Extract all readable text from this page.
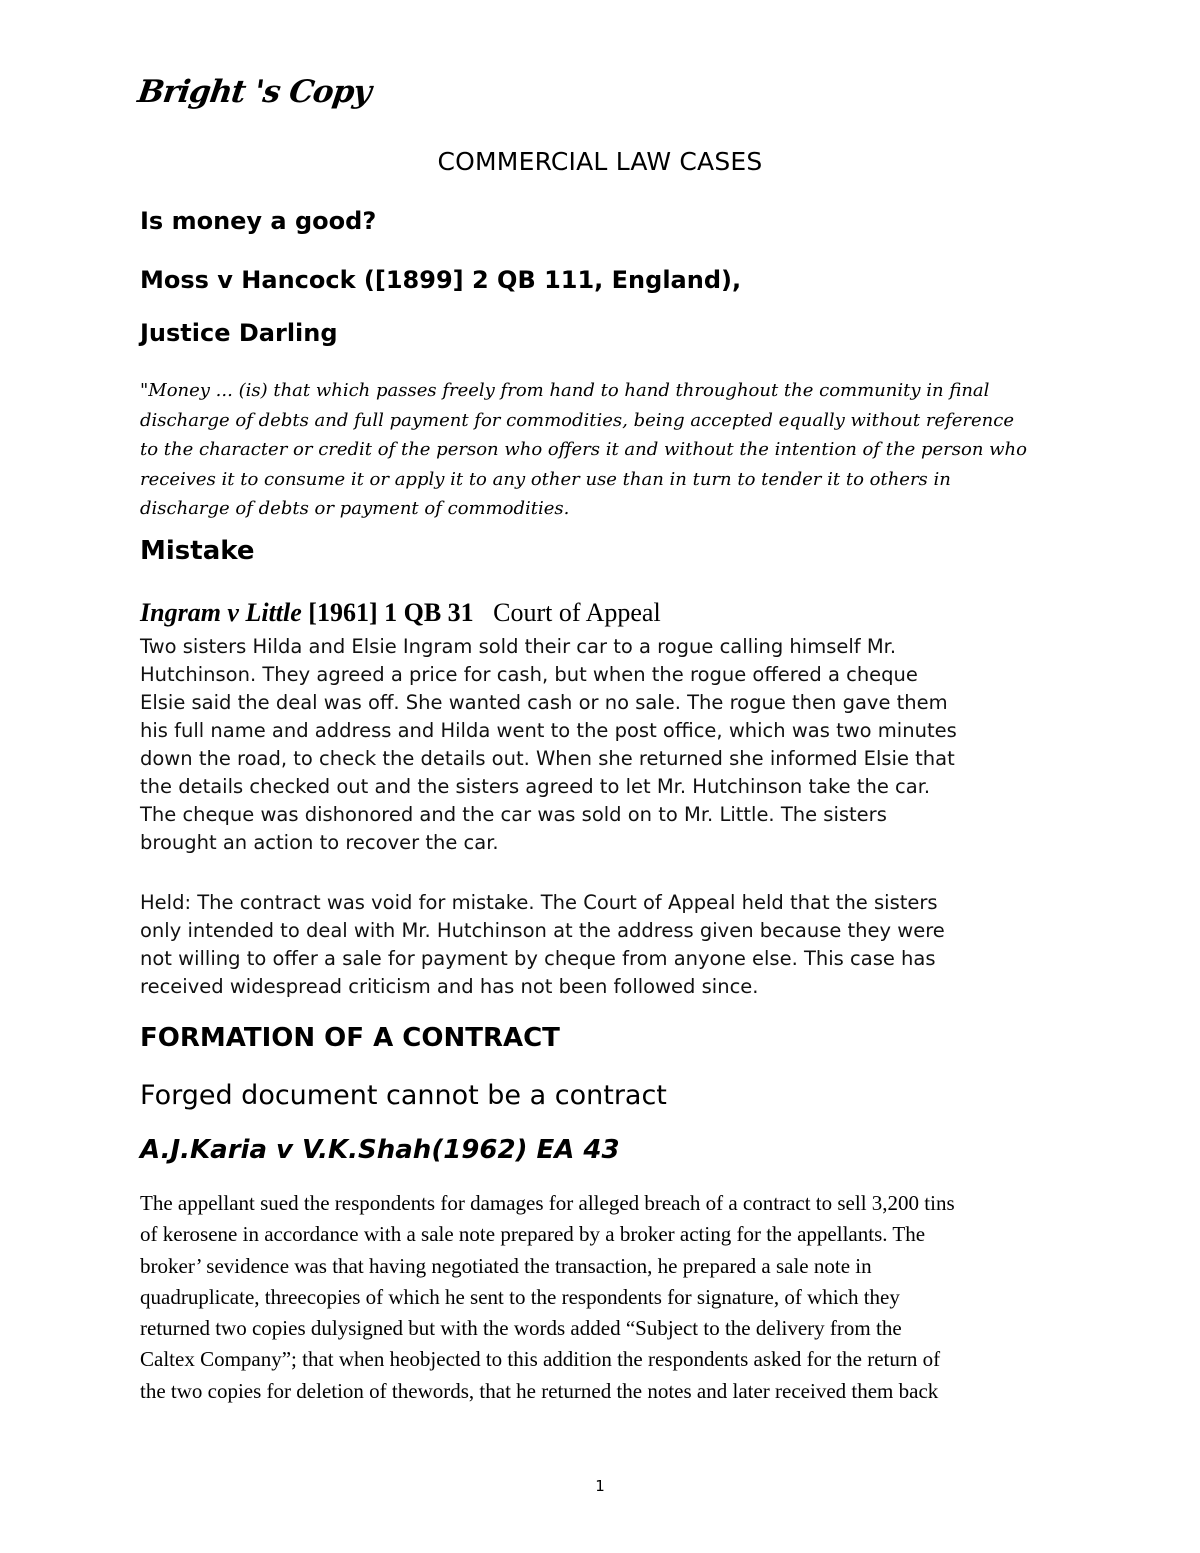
Bright 's Copy
COMMERCIAL LAW CASES
Is money a good?
Moss v Hancock ([1899] 2 QB 111, England),
Justice Darling
"Money ... (is) that which passes freely from hand to hand throughout the community in final
discharge of debts and full payment for commodities, being accepted equally without reference
to the character or credit of the person who offers it and without the intention of the person who
receives it to consume it or apply it to any other use than in turn to tender it to others in
discharge of debts or payment of commodities.
Mistake
Ingram v Little [1961] 1 QB 31   Court of Appeal
Two sisters Hilda and Elsie Ingram sold their car to a rogue calling himself Mr.
Hutchinson. They agreed a price for cash, but when the rogue offered a cheque
Elsie said the deal was off. She wanted cash or no sale. The rogue then gave them
his full name and address and Hilda went to the post office, which was two minutes
down the road, to check the details out. When she returned she informed Elsie that
the details checked out and the sisters agreed to let Mr. Hutchinson take the car.
The cheque was dishonored and the car was sold on to Mr. Little. The sisters
brought an action to recover the car.
Held: The contract was void for mistake. The Court of Appeal held that the sisters
only intended to deal with Mr. Hutchinson at the address given because they were
not willing to offer a sale for payment by cheque from anyone else. This case has
received widespread criticism and has not been followed since.
FORMATION OF A CONTRACT
Forged document cannot be a contract
A.J.Karia v V.K.Shah(1962) EA 43
The appellant sued the respondents for damages for alleged breach of a contract to sell 3,200 tins
of kerosene in accordance with a sale note prepared by a broker acting for the appellants. The
broker’ sevidence was that having negotiated the transaction, he prepared a sale note in
quadruplicate, threecopies of which he sent to the respondents for signature, of which they
returned two copies dulysigned but with the words added “Subject to the delivery from the
Caltex Company”; that when heobjected to this addition the respondents asked for the return of
the two copies for deletion of thewords, that he returned the notes and later received them back
1
